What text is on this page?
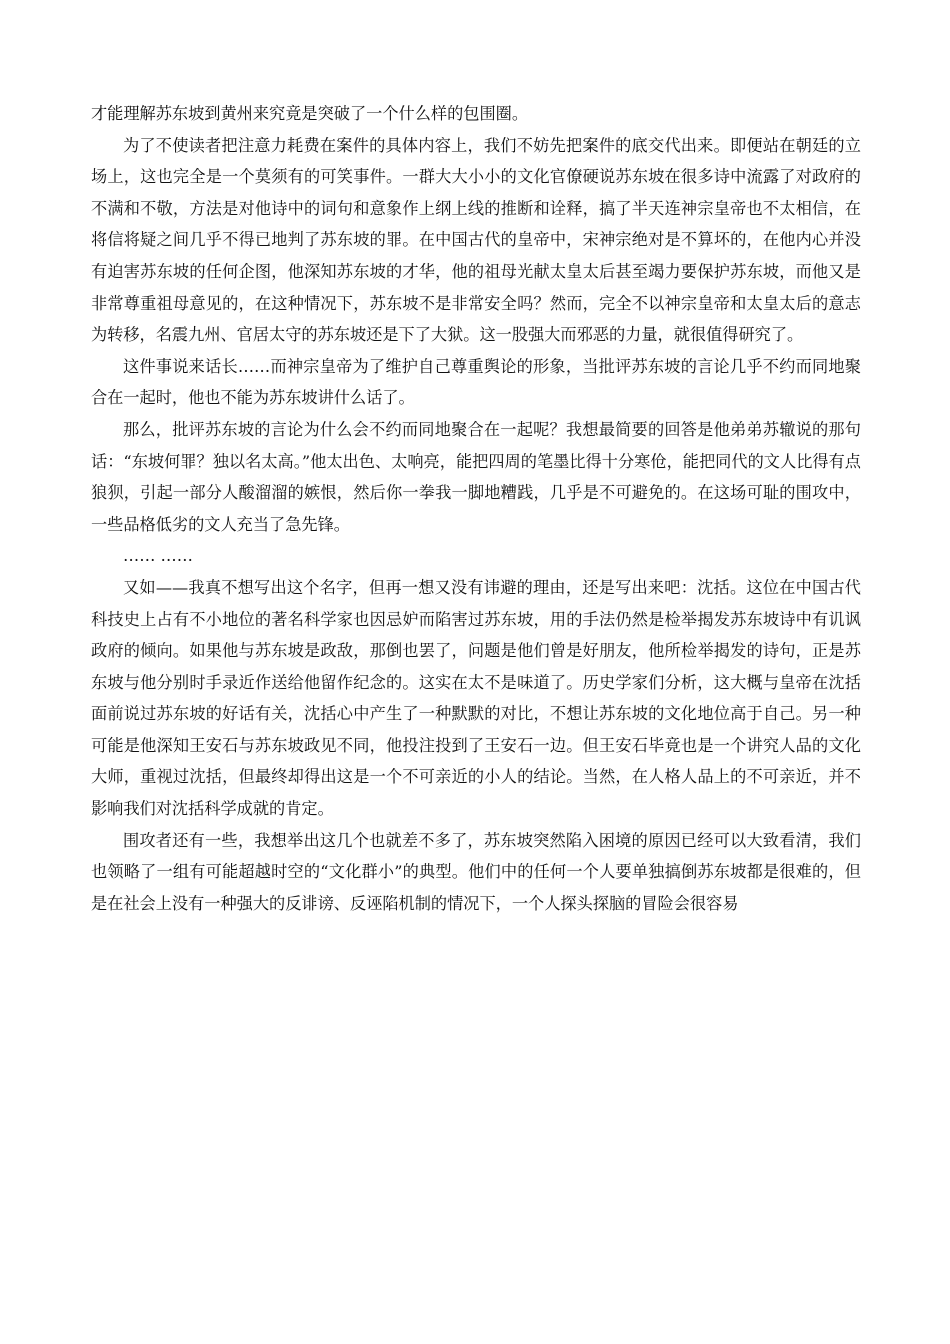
才能理解苏东坡到黄州来究竟是突破了一个什么样的包围圈。

为了不使读者把注意力耗费在案件的具体内容上，我们不妨先把案件的底交代出来。即便站在朝廷的立场上，这也完全是一个莫须有的可笑事件。一群大大小小的文化官僚硬说苏东坡在很多诗中流露了对政府的不满和不敬，方法是对他诗中的词句和意象作上纲上线的推断和诠释，搞了半天连神宗皇帝也不太相信，在将信将疑之间几乎不得已地判了苏东坡的罪。在中国古代的皇帝中，宋神宗绝对是不算坏的，在他内心并没有迫害苏东坡的任何企图，他深知苏东坡的才华，他的祖母光献太皇太后甚至竭力要保护苏东坡，而他又是非常尊重祖母意见的，在这种情况下，苏东坡不是非常安全吗？然而，完全不以神宗皇帝和太皇太后的意志为转移，名震九州、官居太守的苏东坡还是下了大狱。这一股强大而邪恶的力量，就很值得研究了。

这件事说来话长……而神宗皇帝为了维护自己尊重舆论的形象，当批评苏东坡的言论几乎不约而同地聚合在一起时，他也不能为苏东坡讲什么话了。

那么，批评苏东坡的言论为什么会不约而同地聚合在一起呢？我想最简要的回答是他弟弟苏辙说的那句话：“东坡何罪？独以名太高。”他太出色、太响亮，能把四周的笔墨比得十分寒伧，能把同代的文人比得有点狼狈，引起一部分人酸溜溜的嫉恨，然后你一拳我一脚地糟践，几乎是不可避免的。在这场可耻的围攻中，一些品格低劣的文人充当了急先锋。

…… ……

又如——我真不想写出这个名字，但再一想又没有讳避的理由，还是写出来吧：沈括。这位在中国古代科技史上占有不小地位的著名科学家也因忌妒而陷害过苏东坡，用的手法仍然是检举揭发苏东坡诗中有讥讽政府的倾向。如果他与苏东坡是政敌，那倒也罢了，问题是他们曾是好朋友，他所检举揭发的诗句，正是苏东坡与他分别时手录近作送给他留作纪念的。这实在太不是味道了。历史学家们分析，这大概与皇帝在沈括面前说过苏东坡的好话有关，沈括心中产生了一种默默的对比，不想让苏东坡的文化地位高于自己。另一种可能是他深知王安石与苏东坡政见不同，他投注投到了王安石一边。但王安石毕竟也是一个讲究人品的文化大师，重视过沈括，但最终却得出这是一个不可亲近的小人的结论。当然，在人格人品上的不可亲近，并不影响我们对沈括科学成就的肯定。

围攻者还有一些，我想举出这几个也就差不多了，苏东坡突然陷入困境的原因已经可以大致看清，我们也领略了一组有可能超越时空的“文化群小”的典型。他们中的任何一个人要单独搞倒苏东坡都是很难的，但是在社会上没有一种强大的反诽谤、反诬陷机制的情况下，一个人探头探脑的冒险会很容易
